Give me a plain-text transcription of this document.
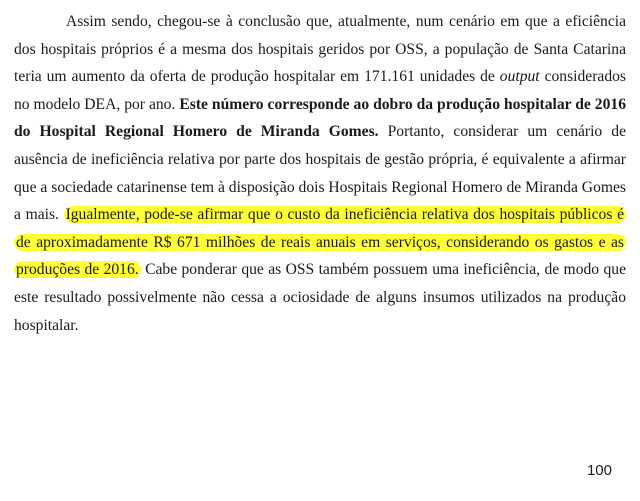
Assim sendo, chegou-se à conclusão que, atualmente, num cenário em que a eficiência dos hospitais próprios é a mesma dos hospitais geridos por OSS, a população de Santa Catarina teria um aumento da oferta de produção hospitalar em 171.161 unidades de output considerados no modelo DEA, por ano. Este número corresponde ao dobro da produção hospitalar de 2016 do Hospital Regional Homero de Miranda Gomes. Portanto, considerar um cenário de ausência de ineficiência relativa por parte dos hospitais de gestão própria, é equivalente a afirmar que a sociedade catarinense tem à disposição dois Hospitais Regional Homero de Miranda Gomes a mais. Igualmente, pode-se afirmar que o custo da ineficiência relativa dos hospitais públicos é de aproximadamente R$ 671 milhões de reais anuais em serviços, considerando os gastos e as produções de 2016. Cabe ponderar que as OSS também possuem uma ineficiência, de modo que este resultado possivelmente não cessa a ociosidade de alguns insumos utilizados na produção hospitalar.

100
